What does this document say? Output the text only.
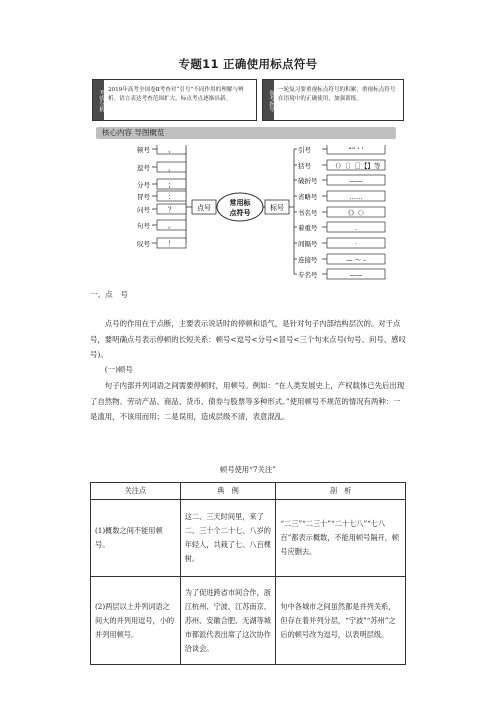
专题11 正确使用标点符号
考情分析 2019年高考全国卷Ⅱ考查对“引号”不同作用的理解与辨析。语言表达考查范围扩大，标点考点逐渐出新。	备考指导 一轮复习要重视标点符号的积累，重视标点符号在语境中的正确使用，加强训练。
核心内容 导图概览
常用标
点符号
点号	标号
顿号	、
逗号	，
分号	；
冒号	：
问号	？
句号	。
叹号	！
引号	“” ‘ ’
括号	（）〔〕［］【】等
破折号	——
省略号	……
书名号	《》〈〉
着重号	.
间隔号	·
连接号	— ～ -
专名号	——
一、点　号
点号的作用在于点断，主要表示说话时的停顿和语气，是针对句子内部结构层次的。对于点号，要明确点号表示停顿的长短关系：顿号<逗号<分号<冒号<三个句末点号(句号、问号、感叹号)。
(一)顿号
句子内部并列词语之间需要停顿时，用顿号。例如：“在人类发展史上，产权载体已先后出现了自然物、劳动产品、商品、货币、债券与股票等多种形式。”使用顿号不规范的情况有两种：一是滥用，不该用而用；二是误用，造成层级不清，表意混乱。
顿号使用“7关注”
关注点	典　例	剖　析
(1)概数之间不能用顿号。	这二、三天时间里，来了二、三十个二十七、八岁的年轻人，共栽了七、八百棵树。	“二三”“二三十”“二十七八”“七八百”都表示概数，不能用顿号隔开，顿号应删去。
(2)两层以上并列词语之间大的并列用逗号，小的并列用顿号。	为了促进跨省市间合作，浙江杭州、宁波、江苏南京、苏州、安徽合肥、无湖等城市都派代表出席了这次协作洽谈会。	句中各城市之间虽然都是并列关系，但存在着并列分层，“宁波”“苏州”之后的顿号改为逗号，以表明层级。
